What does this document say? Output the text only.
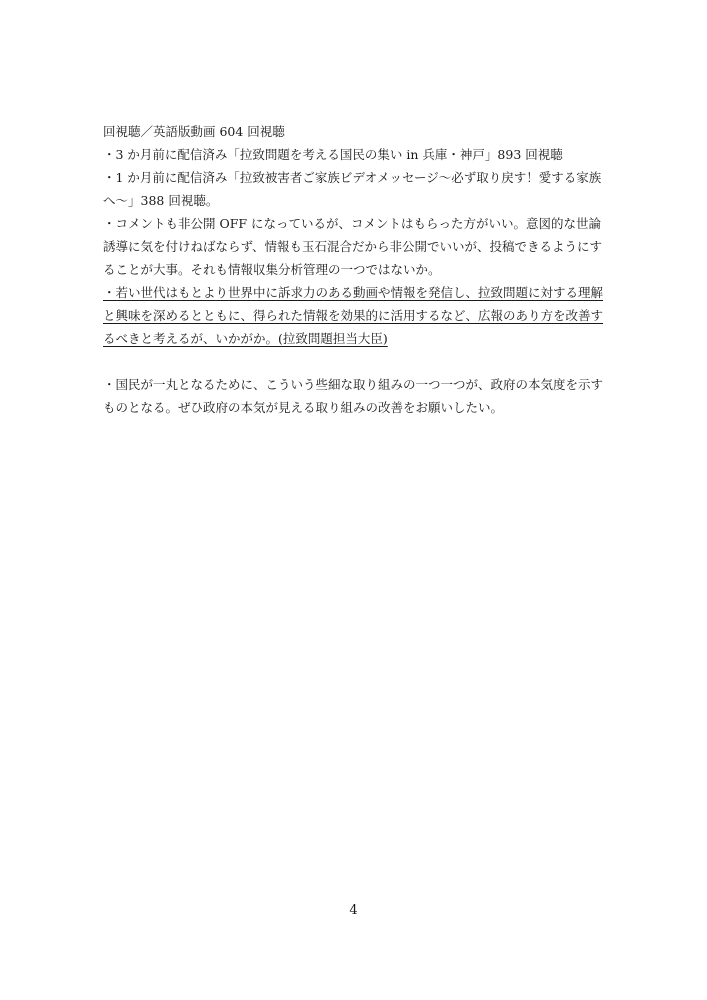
回視聴／英語版動画 604 回視聴
・3 か月前に配信済み「拉致問題を考える国民の集い in 兵庫・神戸」893 回視聴
・1 か月前に配信済み「拉致被害者ご家族ビデオメッセージ～必ず取り戻す！愛する家族
へ～」388 回視聴。
・コメントも非公開 OFF になっているが、コメントはもらった方がいい。意図的な世論
誘導に気を付けねばならず、情報も玉石混合だから非公開でいいが、投稿できるようにす
ることが大事。それも情報収集分析管理の一つではないか。
・若い世代はもとより世界中に訴求力のある動画や情報を発信し、拉致問題に対する理解
と興味を深めるとともに、得られた情報を効果的に活用するなど、広報のあり方を改善す
るべきと考えるが、いかがか。(拉致問題担当大臣)
・国民が一丸となるために、こういう些細な取り組みの一つ一つが、政府の本気度を示す
ものとなる。ぜひ政府の本気が見える取り組みの改善をお願いしたい。
4
